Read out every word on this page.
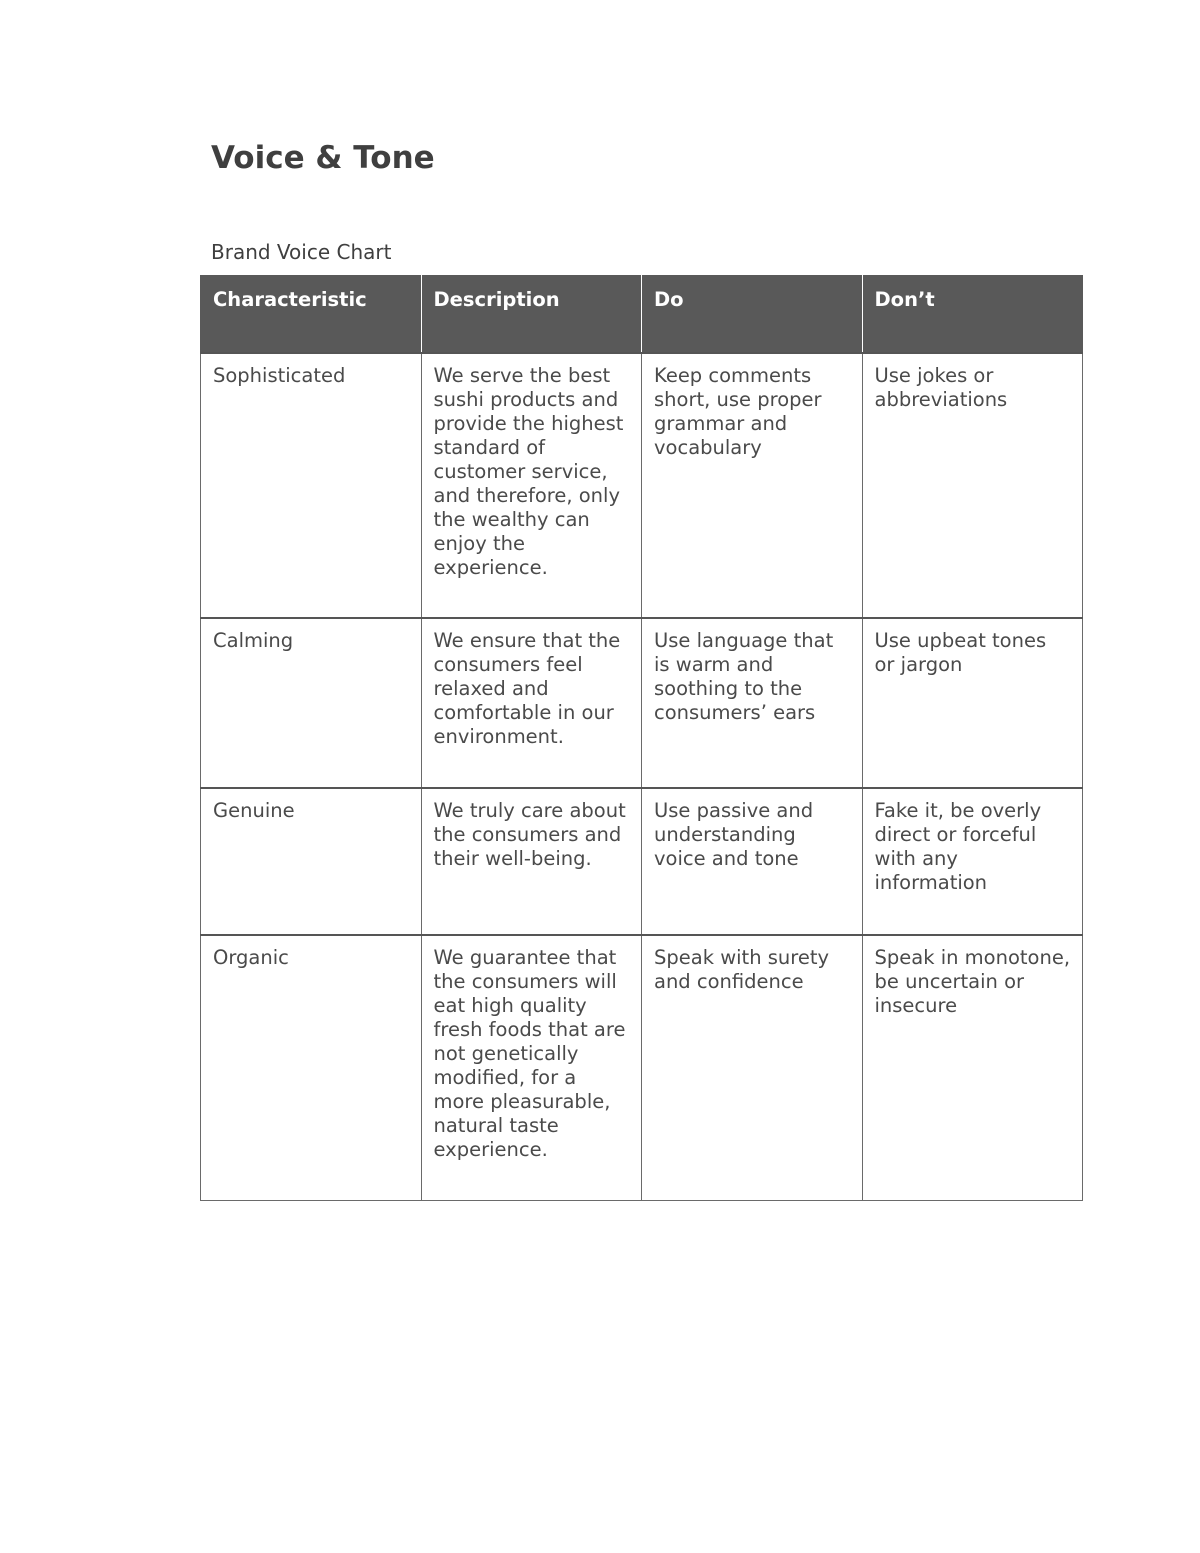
Voice & Tone
Brand Voice Chart
Characteristic	Description	Do	Don’t
Sophisticated	We serve the best sushi products and provide the highest standard of customer service, and therefore, only the wealthy can enjoy the experience.	Keep comments short, use proper grammar and vocabulary	Use jokes or abbreviations
Calming	We ensure that the consumers feel relaxed and comfortable in our environment.	Use language that is warm and soothing to the consumers’ ears	Use upbeat tones or jargon
Genuine	We truly care about the consumers and their well-being.	Use passive and understanding voice and tone	Fake it, be overly direct or forceful with any information
Organic	We guarantee that the consumers will eat high quality fresh foods that are not genetically modified, for a more pleasurable, natural taste experience.	Speak with surety and confidence	Speak in monotone, be uncertain or insecure
